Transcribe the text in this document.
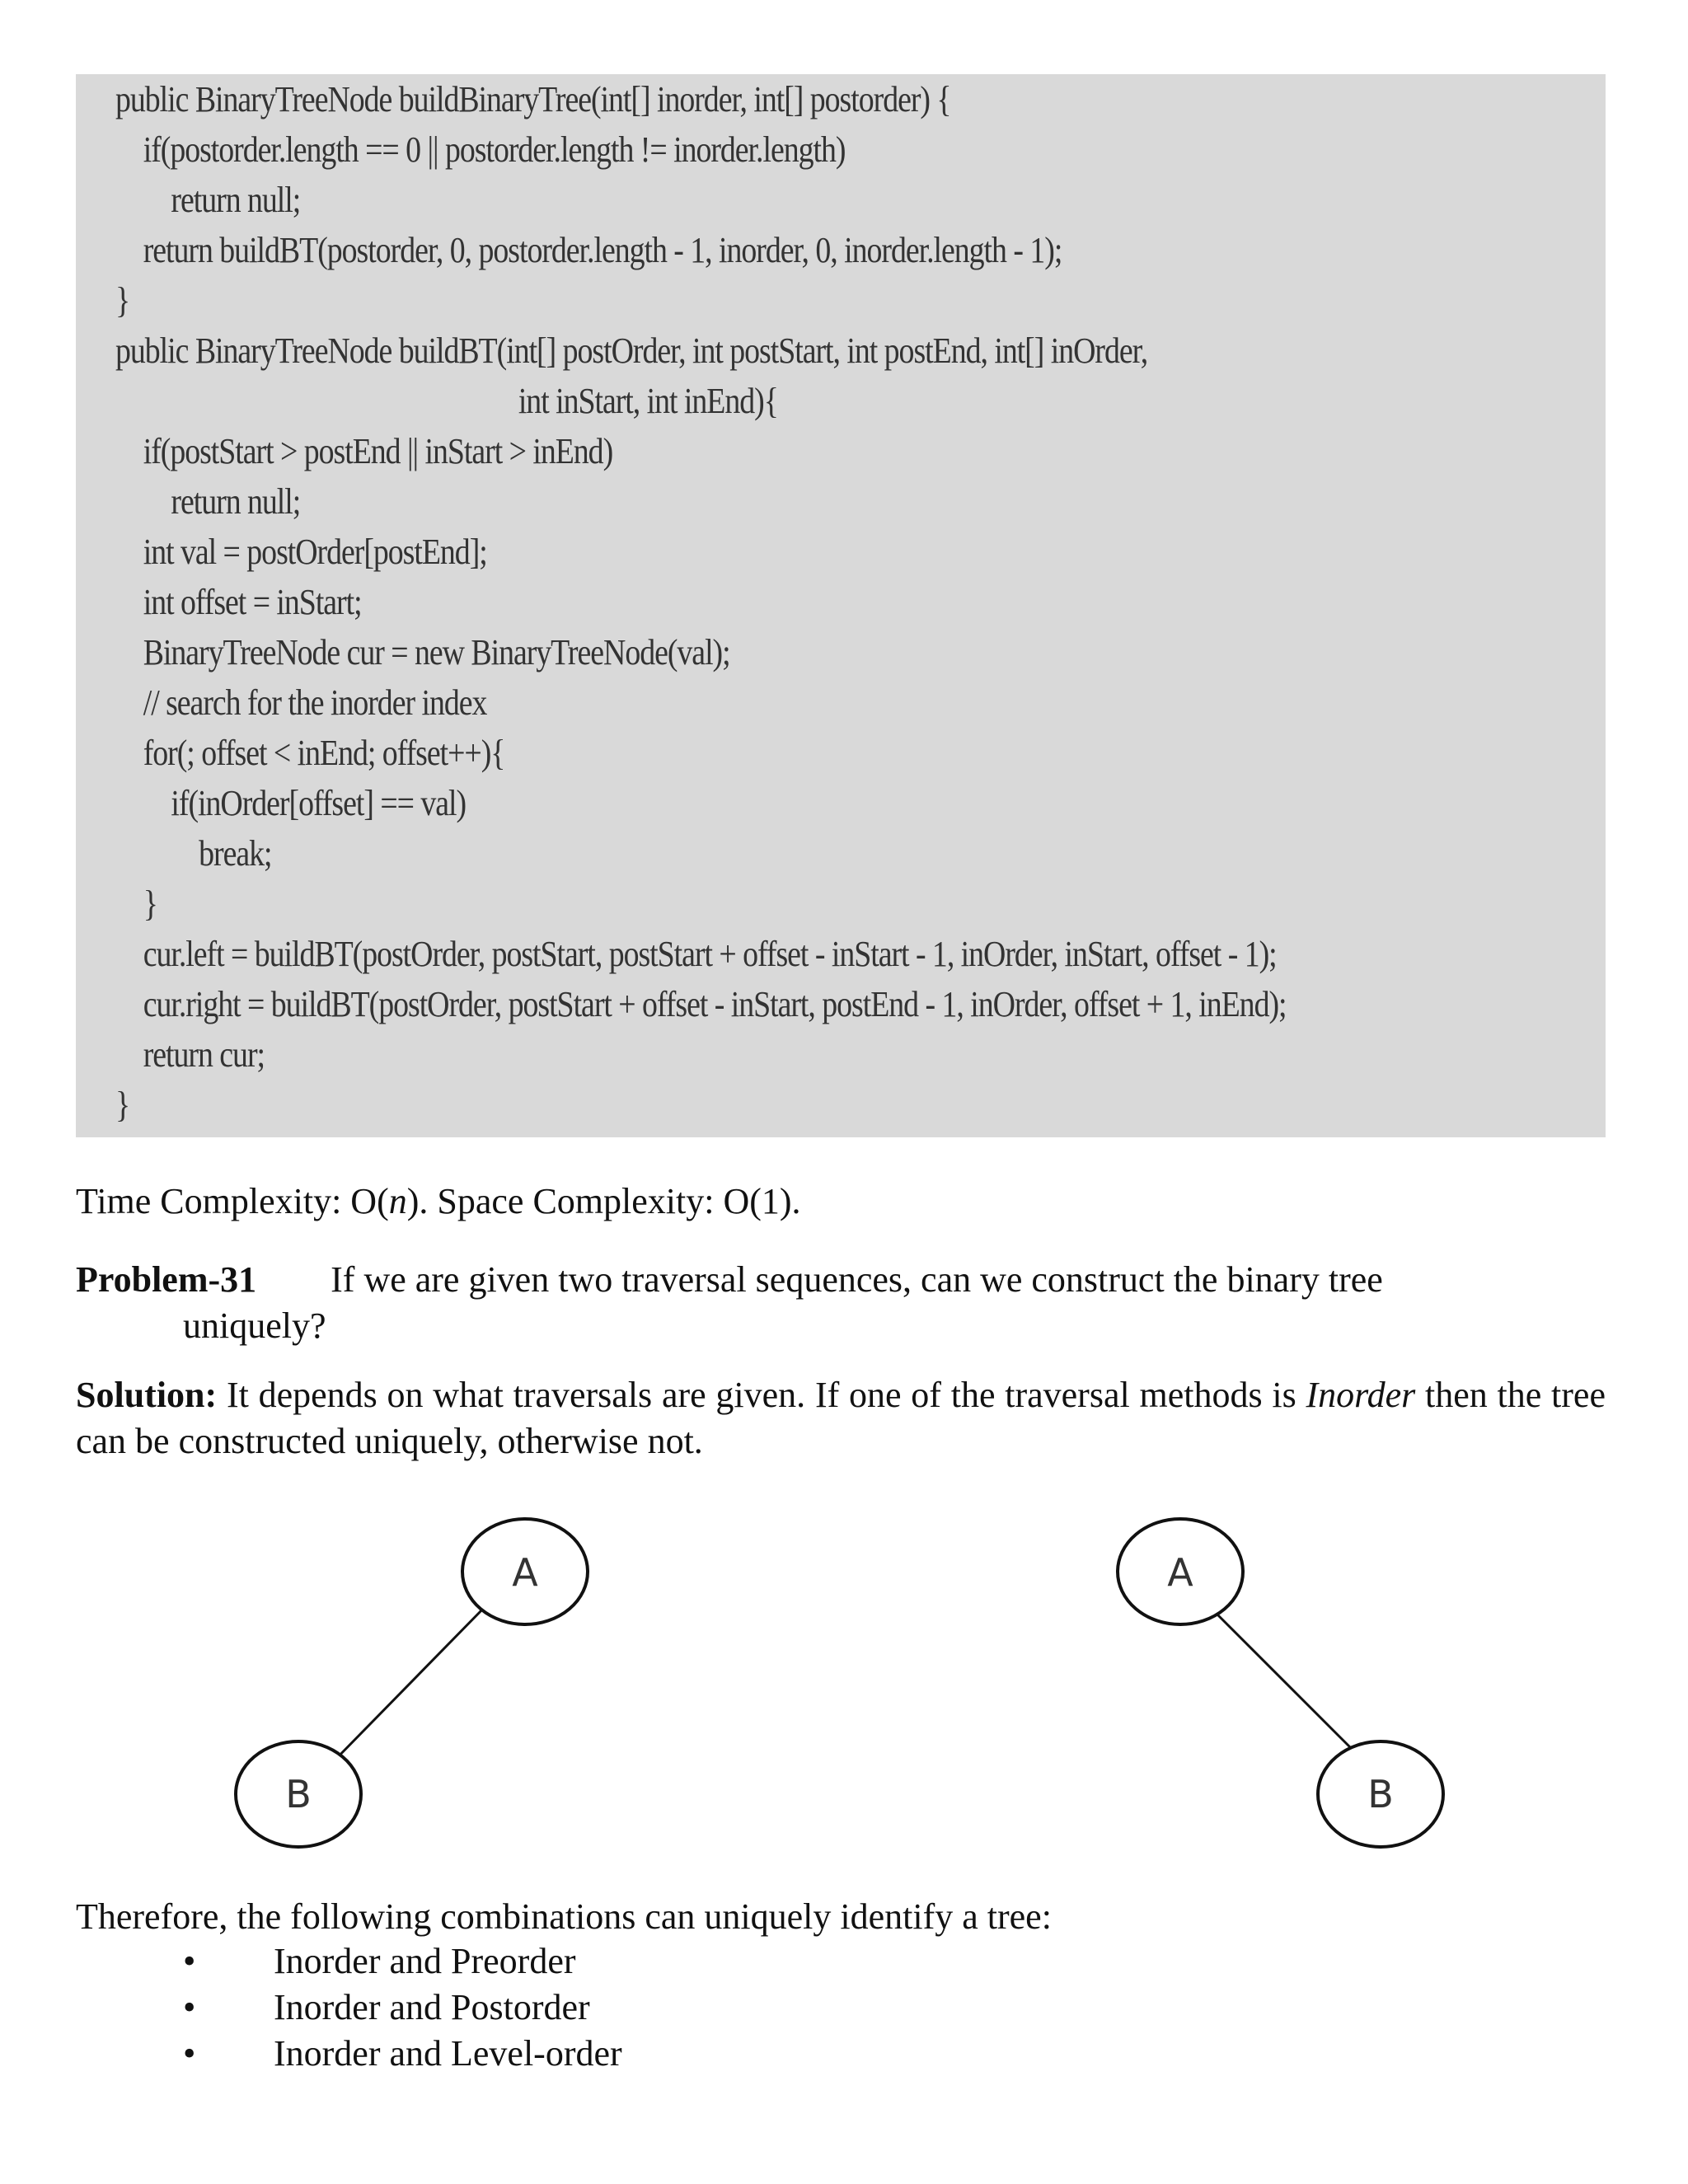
public BinaryTreeNode buildBinaryTree(int[] inorder, int[] postorder) {
if(postorder.length == 0 || postorder.length != inorder.length)
return null;
return buildBT(postorder, 0, postorder.length - 1, inorder, 0, inorder.length - 1);
}
public BinaryTreeNode buildBT(int[] postOrder, int postStart, int postEnd, int[] inOrder,
int inStart, int inEnd){
if(postStart > postEnd || inStart > inEnd)
return null;
int val = postOrder[postEnd];
int offset = inStart;
BinaryTreeNode cur = new BinaryTreeNode(val);
// search for the inorder index
for(; offset < inEnd; offset++){
if(inOrder[offset] == val)
break;
}
cur.left = buildBT(postOrder, postStart, postStart + offset - inStart - 1, inOrder, inStart, offset - 1);
cur.right = buildBT(postOrder, postStart + offset - inStart, postEnd - 1, inOrder, offset + 1, inEnd);
return cur;
}
Time Complexity: O(n). Space Complexity: O(1).
Problem-31 If we are given two traversal sequences, can we construct the binary tree
uniquely?
Solution: It depends on what traversals are given. If one of the traversal methods is Inorder then the tree can be constructed uniquely, otherwise not.
A
B
A
B
Therefore, the following combinations can uniquely identify a tree:
• Inorder and Preorder
• Inorder and Postorder
• Inorder and Level-order
